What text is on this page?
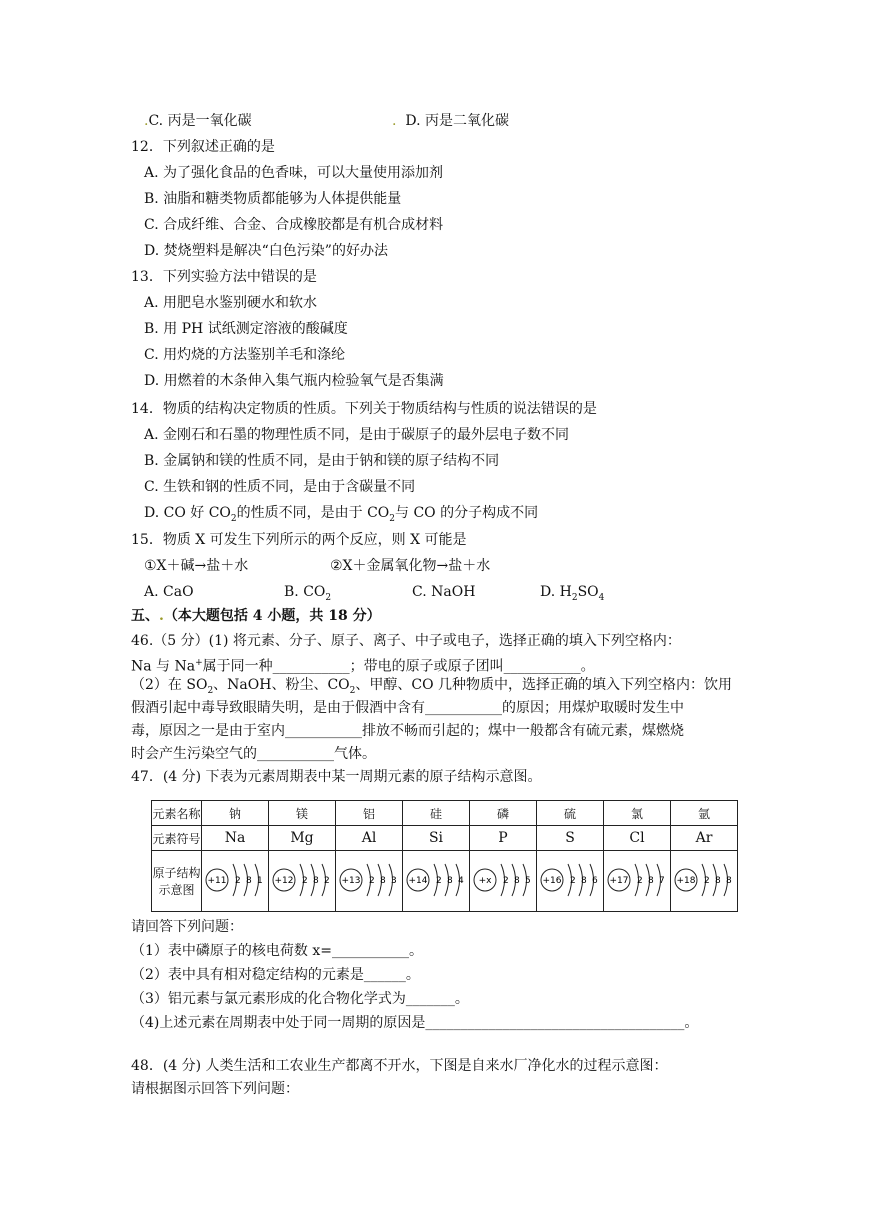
.C. 丙是一氧化碳	. D. 丙是二氧化碳
12．下列叙述正确的是
A. 为了强化食品的色香味，可以大量使用添加剂
B. 油脂和糖类物质都能够为人体提供能量
C. 合成纤维、合金、合成橡胶都是有机合成材料
D. 焚烧塑料是解决“白色污染”的好办法
13．下列实验方法中错误的是
A. 用肥皂水鉴别硬水和软水
B. 用 PH 试纸测定溶液的酸碱度
C. 用灼烧的方法鉴别羊毛和涤纶
D. 用燃着的木条伸入集气瓶内检验氧气是否集满
14．物质的结构决定物质的性质。下列关于物质结构与性质的说法错误的是
A. 金刚石和石墨的物理性质不同，是由于碳原子的最外层电子数不同
B. 金属钠和镁的性质不同，是由于钠和镁的原子结构不同
C. 生铁和钢的性质不同，是由于含碳量不同
D. CO 好 $CO_2$的性质不同，是由于 $CO_2$与 CO 的分子构成不同
15．物质 X 可发生下列所示的两个反应，则 X 可能是
①X＋碱→盐＋水	②X＋金属氧化物→盐＋水
A. CaO	B. $CO_2$	C. NaOH	D. $H_2SO_4$
五、.（本大题包括 4 小题，共 18 分）
46.（5 分）(1) 将元素、分子、原子、离子、中子或电子，选择正确的填入下列空格内：
Na 与 Na+属于同一种___________；带电的原子或原子团叫___________。
（2）在 $SO_2$、NaOH、粉尘、$CO_2$、甲醇、CO 几种物质中，选择正确的填入下列空格内：饮用
假酒引起中毒导致眼睛失明，是由于假酒中含有___________的原因；用煤炉取暖时发生中
毒，原因之一是由于室内___________排放不畅而引起的；煤中一般都含有硫元素，煤燃烧
时会产生污染空气的___________气体。
47．(4 分) 下表为元素周期表中某一周期元素的原子结构示意图。
元素名称	钠	镁	铝	硅	磷	硫	氯	氩
元素符号	Na	Mg	Al	Si	P	S	Cl	Ar
原子结构
示意图	+11 2 8 1	+12 2 8 2	+13 2 8 3	+14 2 8 4	+x 2 8 5	+16 2 8 6	+17 2 8 7	+18 2 8 8
请回答下列问题：
（1）表中磷原子的核电荷数 x=___________。
（2）表中具有相对稳定结构的元素是______。
（3）铝元素与氯元素形成的化合物化学式为_______。
（4)上述元素在周期表中处于同一周期的原因是_____________________________________。
48．(4 分) 人类生活和工农业生产都离不开水，下图是自来水厂净化水的过程示意图：
请根据图示回答下列问题：
